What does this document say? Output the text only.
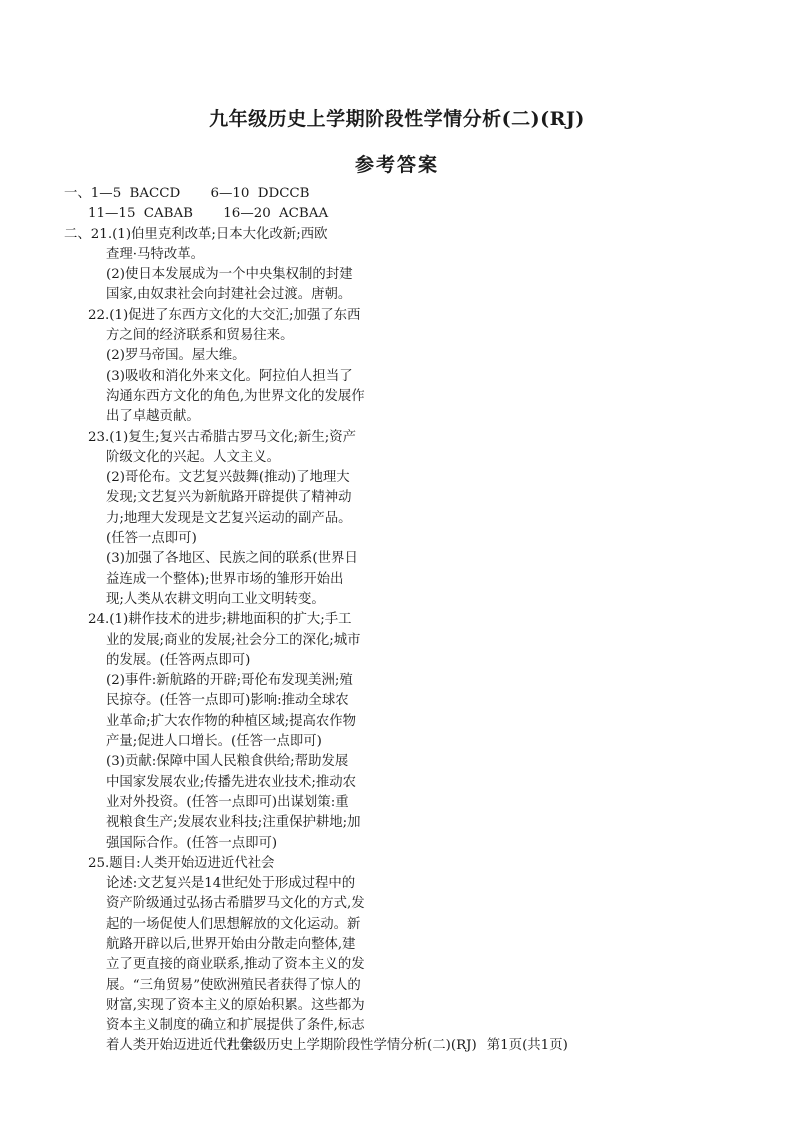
九年级历史上学期阶段性学情分析(二)(RJ)
参考答案
一、1—5 BACCD 6—10 DDCCB
11—15 CABAB 16—20 ACBAA
二、21.(1)伯里克利改革;日本大化改新;西欧
查理·马特改革。
(2)使日本发展成为一个中央集权制的封建
国家,由奴隶社会向封建社会过渡。唐朝。
22.(1)促进了东西方文化的大交汇;加强了东西
方之间的经济联系和贸易往来。
(2)罗马帝国。屋大维。
(3)吸收和消化外来文化。阿拉伯人担当了
沟通东西方文化的角色,为世界文化的发展作
出了卓越贡献。
23.(1)复生;复兴古希腊古罗马文化;新生;资产
阶级文化的兴起。人文主义。
(2)哥伦布。文艺复兴鼓舞(推动)了地理大
发现;文艺复兴为新航路开辟提供了精神动
力;地理大发现是文艺复兴运动的副产品。
(任答一点即可)
(3)加强了各地区、民族之间的联系(世界日
益连成一个整体);世界市场的雏形开始出
现;人类从农耕文明向工业文明转变。
24.(1)耕作技术的进步;耕地面积的扩大;手工
业的发展;商业的发展;社会分工的深化;城市
的发展。(任答两点即可)
(2)事件:新航路的开辟;哥伦布发现美洲;殖
民掠夺。(任答一点即可)影响:推动全球农
业革命;扩大农作物的种植区域;提高农作物
产量;促进人口增长。(任答一点即可)
(3)贡献:保障中国人民粮食供给;帮助发展
中国家发展农业;传播先进农业技术;推动农
业对外投资。(任答一点即可)出谋划策:重
视粮食生产;发展农业科技;注重保护耕地;加
强国际合作。(任答一点即可)
25.题目:人类开始迈进近代社会
论述:文艺复兴是14世纪处于形成过程中的
资产阶级通过弘扬古希腊罗马文化的方式,发
起的一场促使人们思想解放的文化运动。新
航路开辟以后,世界开始由分散走向整体,建
立了更直接的商业联系,推动了资本主义的发
展。“三角贸易”使欧洲殖民者获得了惊人的
财富,实现了资本主义的原始积累。这些都为
资本主义制度的确立和扩展提供了条件,标志
着人类开始迈进近代社会。
九年级历史上学期阶段性学情分析(二)(RJ) 第1页(共1页)
